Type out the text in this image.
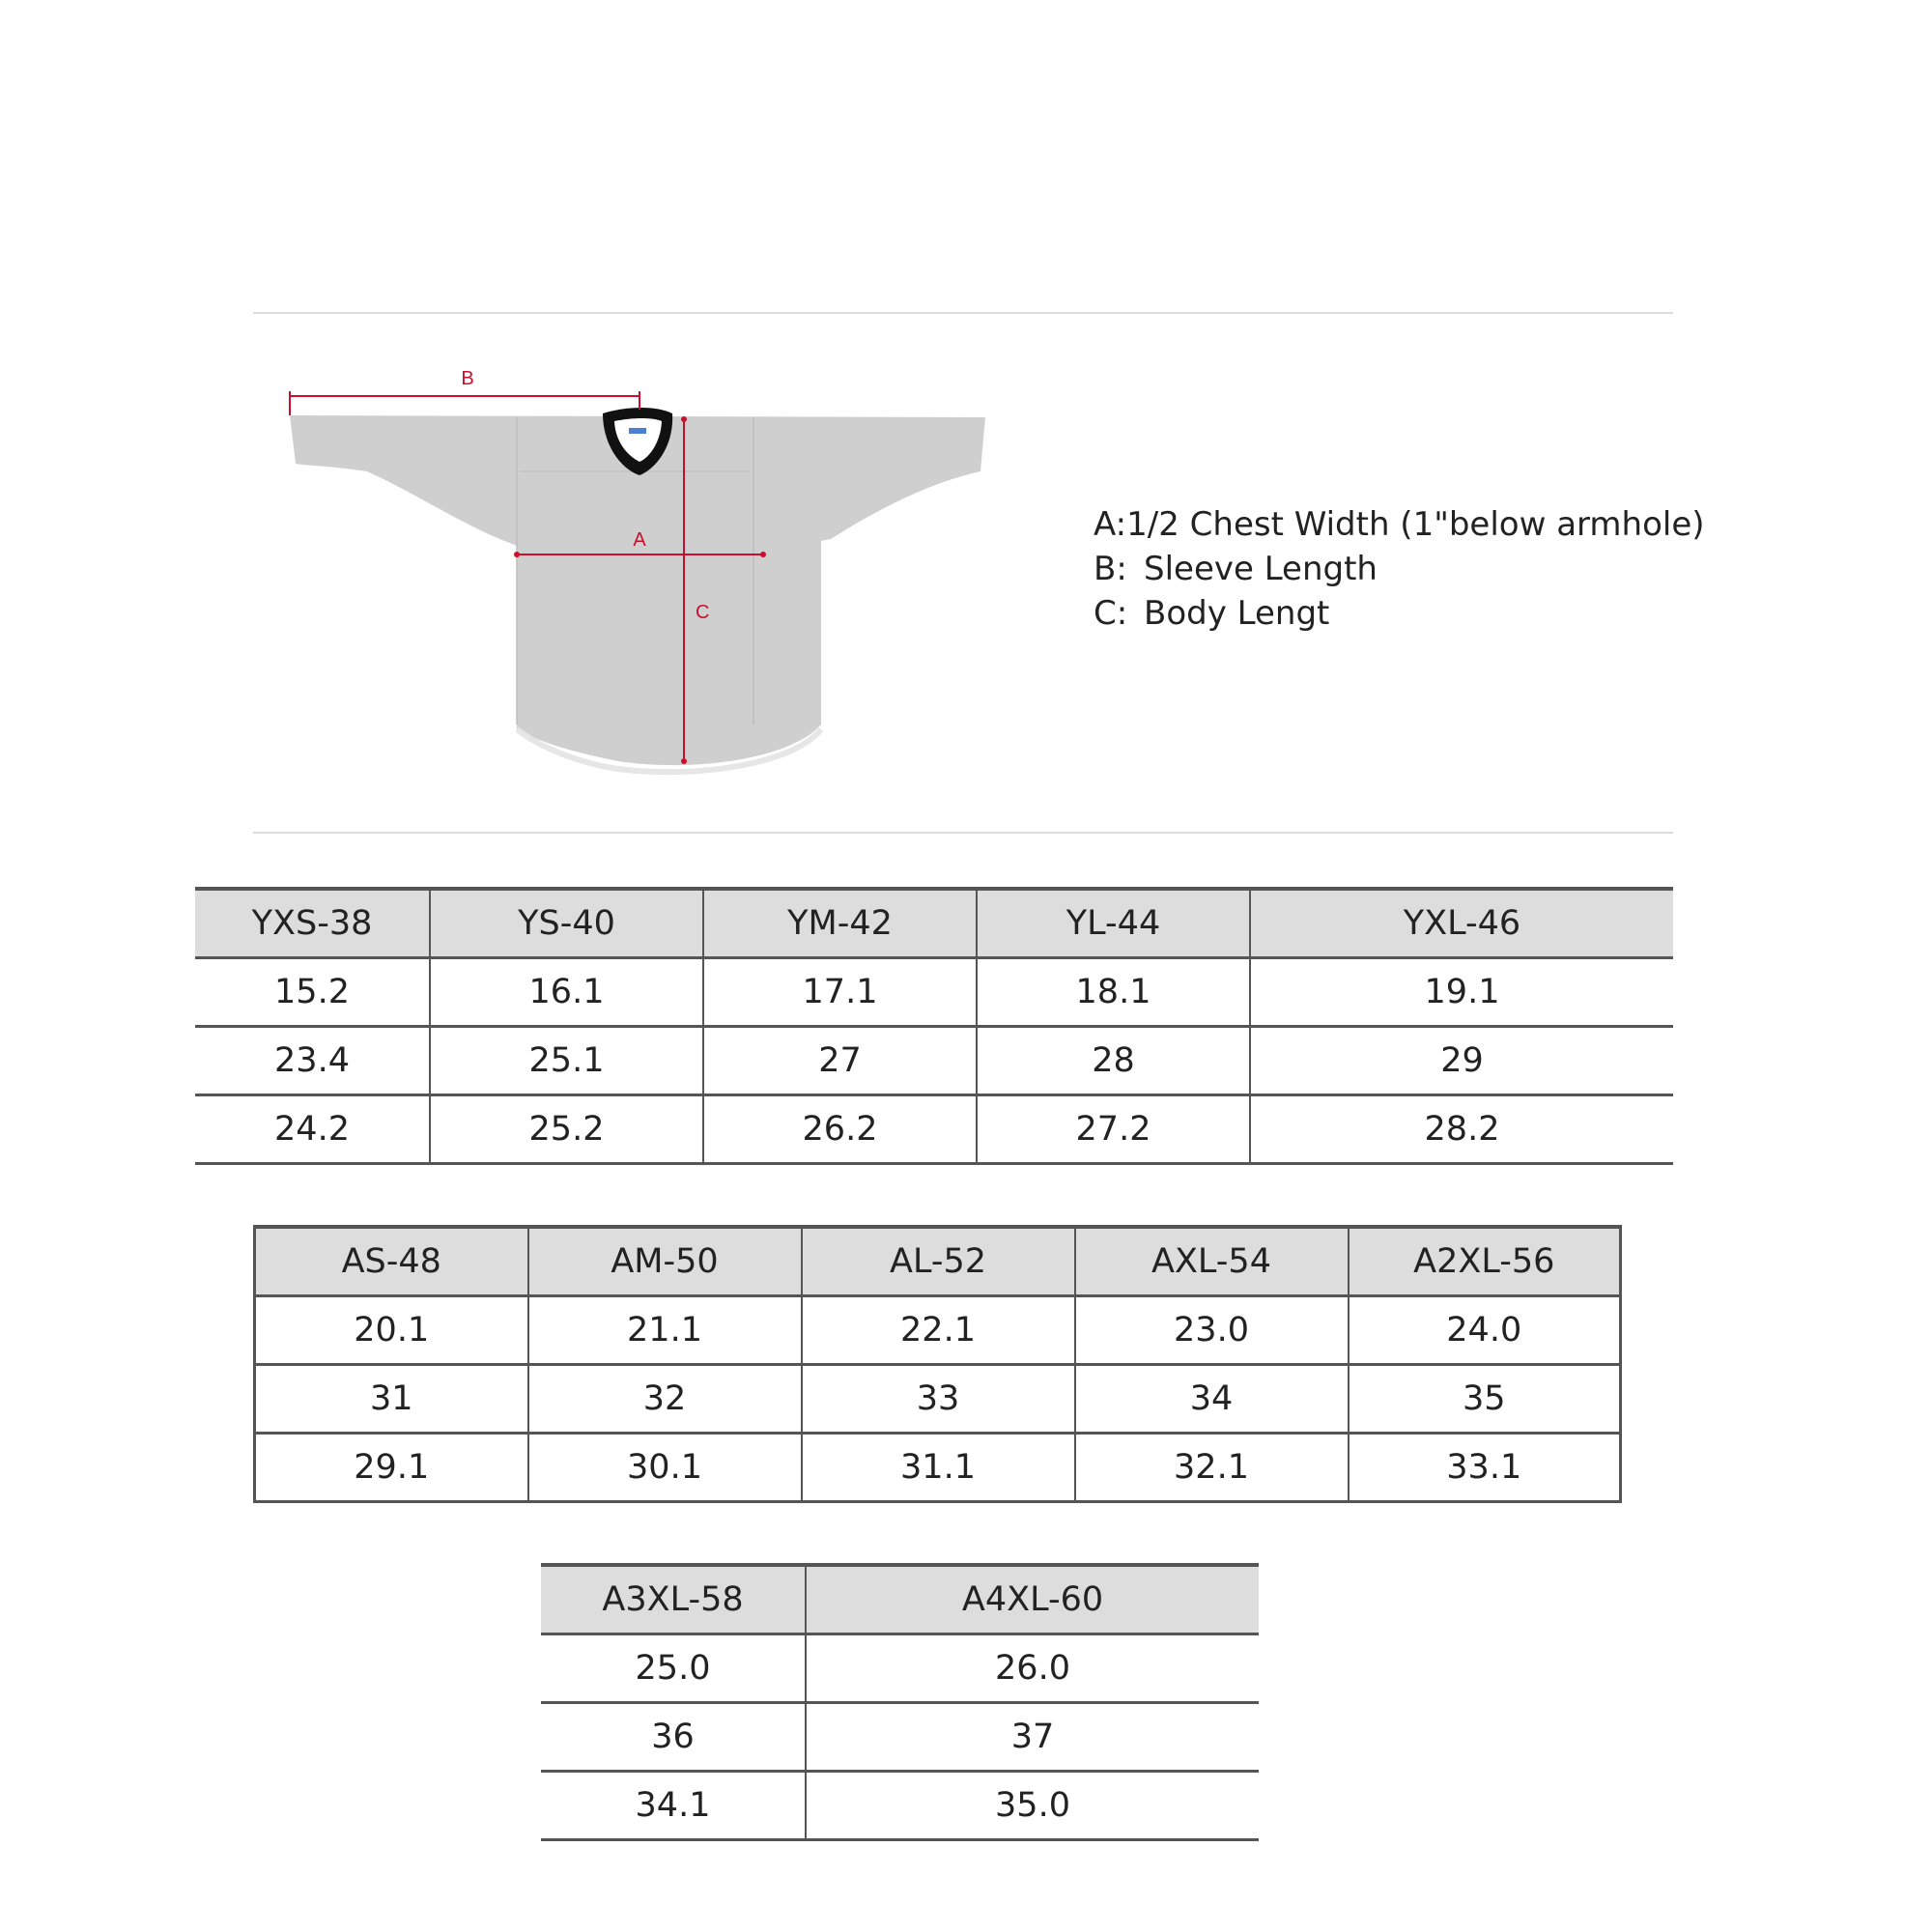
B
A
C
A: 1/2 Chest Width (1"below armhole)
B: Sleeve Length
C: Body Lengt
YXS-38	YS-40	YM-42	YL-44	YXL-46
15.2	16.1	17.1	18.1	19.1
23.4	25.1	27	28	29
24.2	25.2	26.2	27.2	28.2
AS-48	AM-50	AL-52	AXL-54	A2XL-56
20.1	21.1	22.1	23.0	24.0
31	32	33	34	35
29.1	30.1	31.1	32.1	33.1
A3XL-58	A4XL-60
25.0	26.0
36	37
34.1	35.0
